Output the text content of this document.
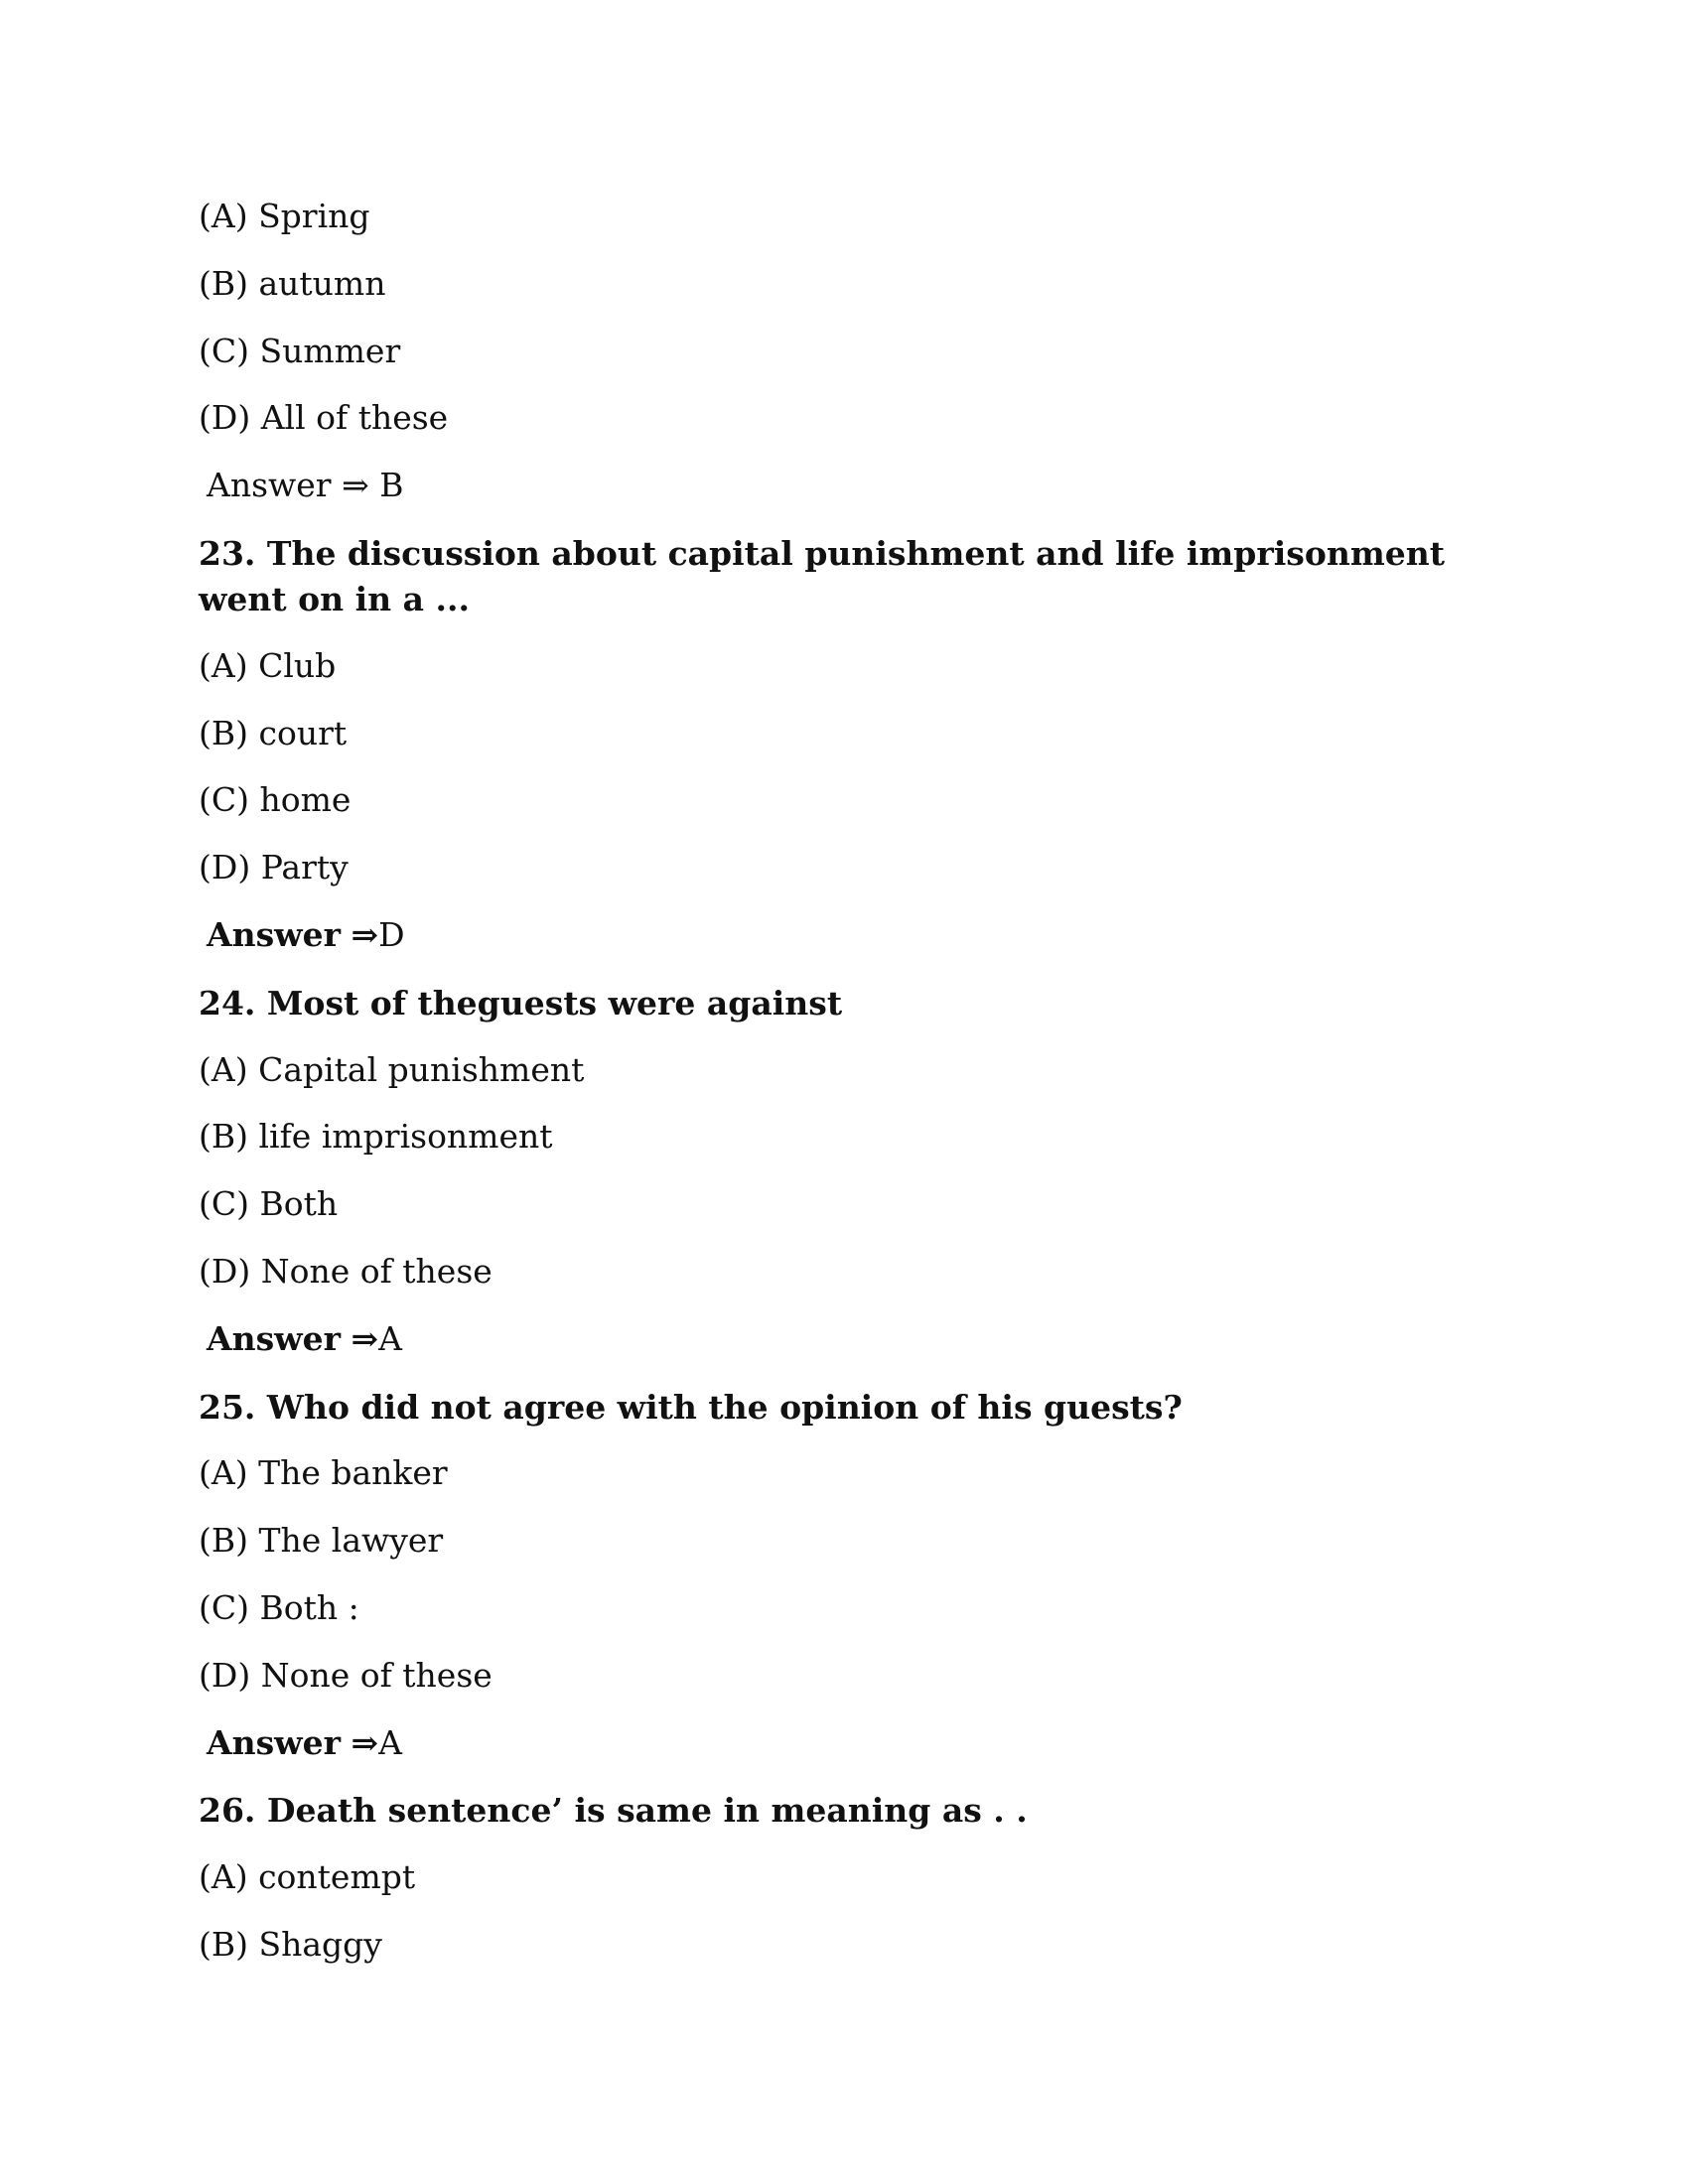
(A) Spring
(B) autumn
(C) Summer
(D) All of these
Answer ⇒ B
23. The discussion about capital punishment and life imprisonment went on in a ...
(A) Club
(B) court
(C) home
(D) Party
Answer ⇒D
24. Most of theguests were against
(A) Capital punishment
(B) life imprisonment
(C) Both
(D) None of these
Answer ⇒A
25. Who did not agree with the opinion of his guests?
(A) The banker
(B) The lawyer
(C) Both :
(D) None of these
Answer ⇒A
26. Death sentence’ is same in meaning as . .
(A) contempt
(B) Shaggy
